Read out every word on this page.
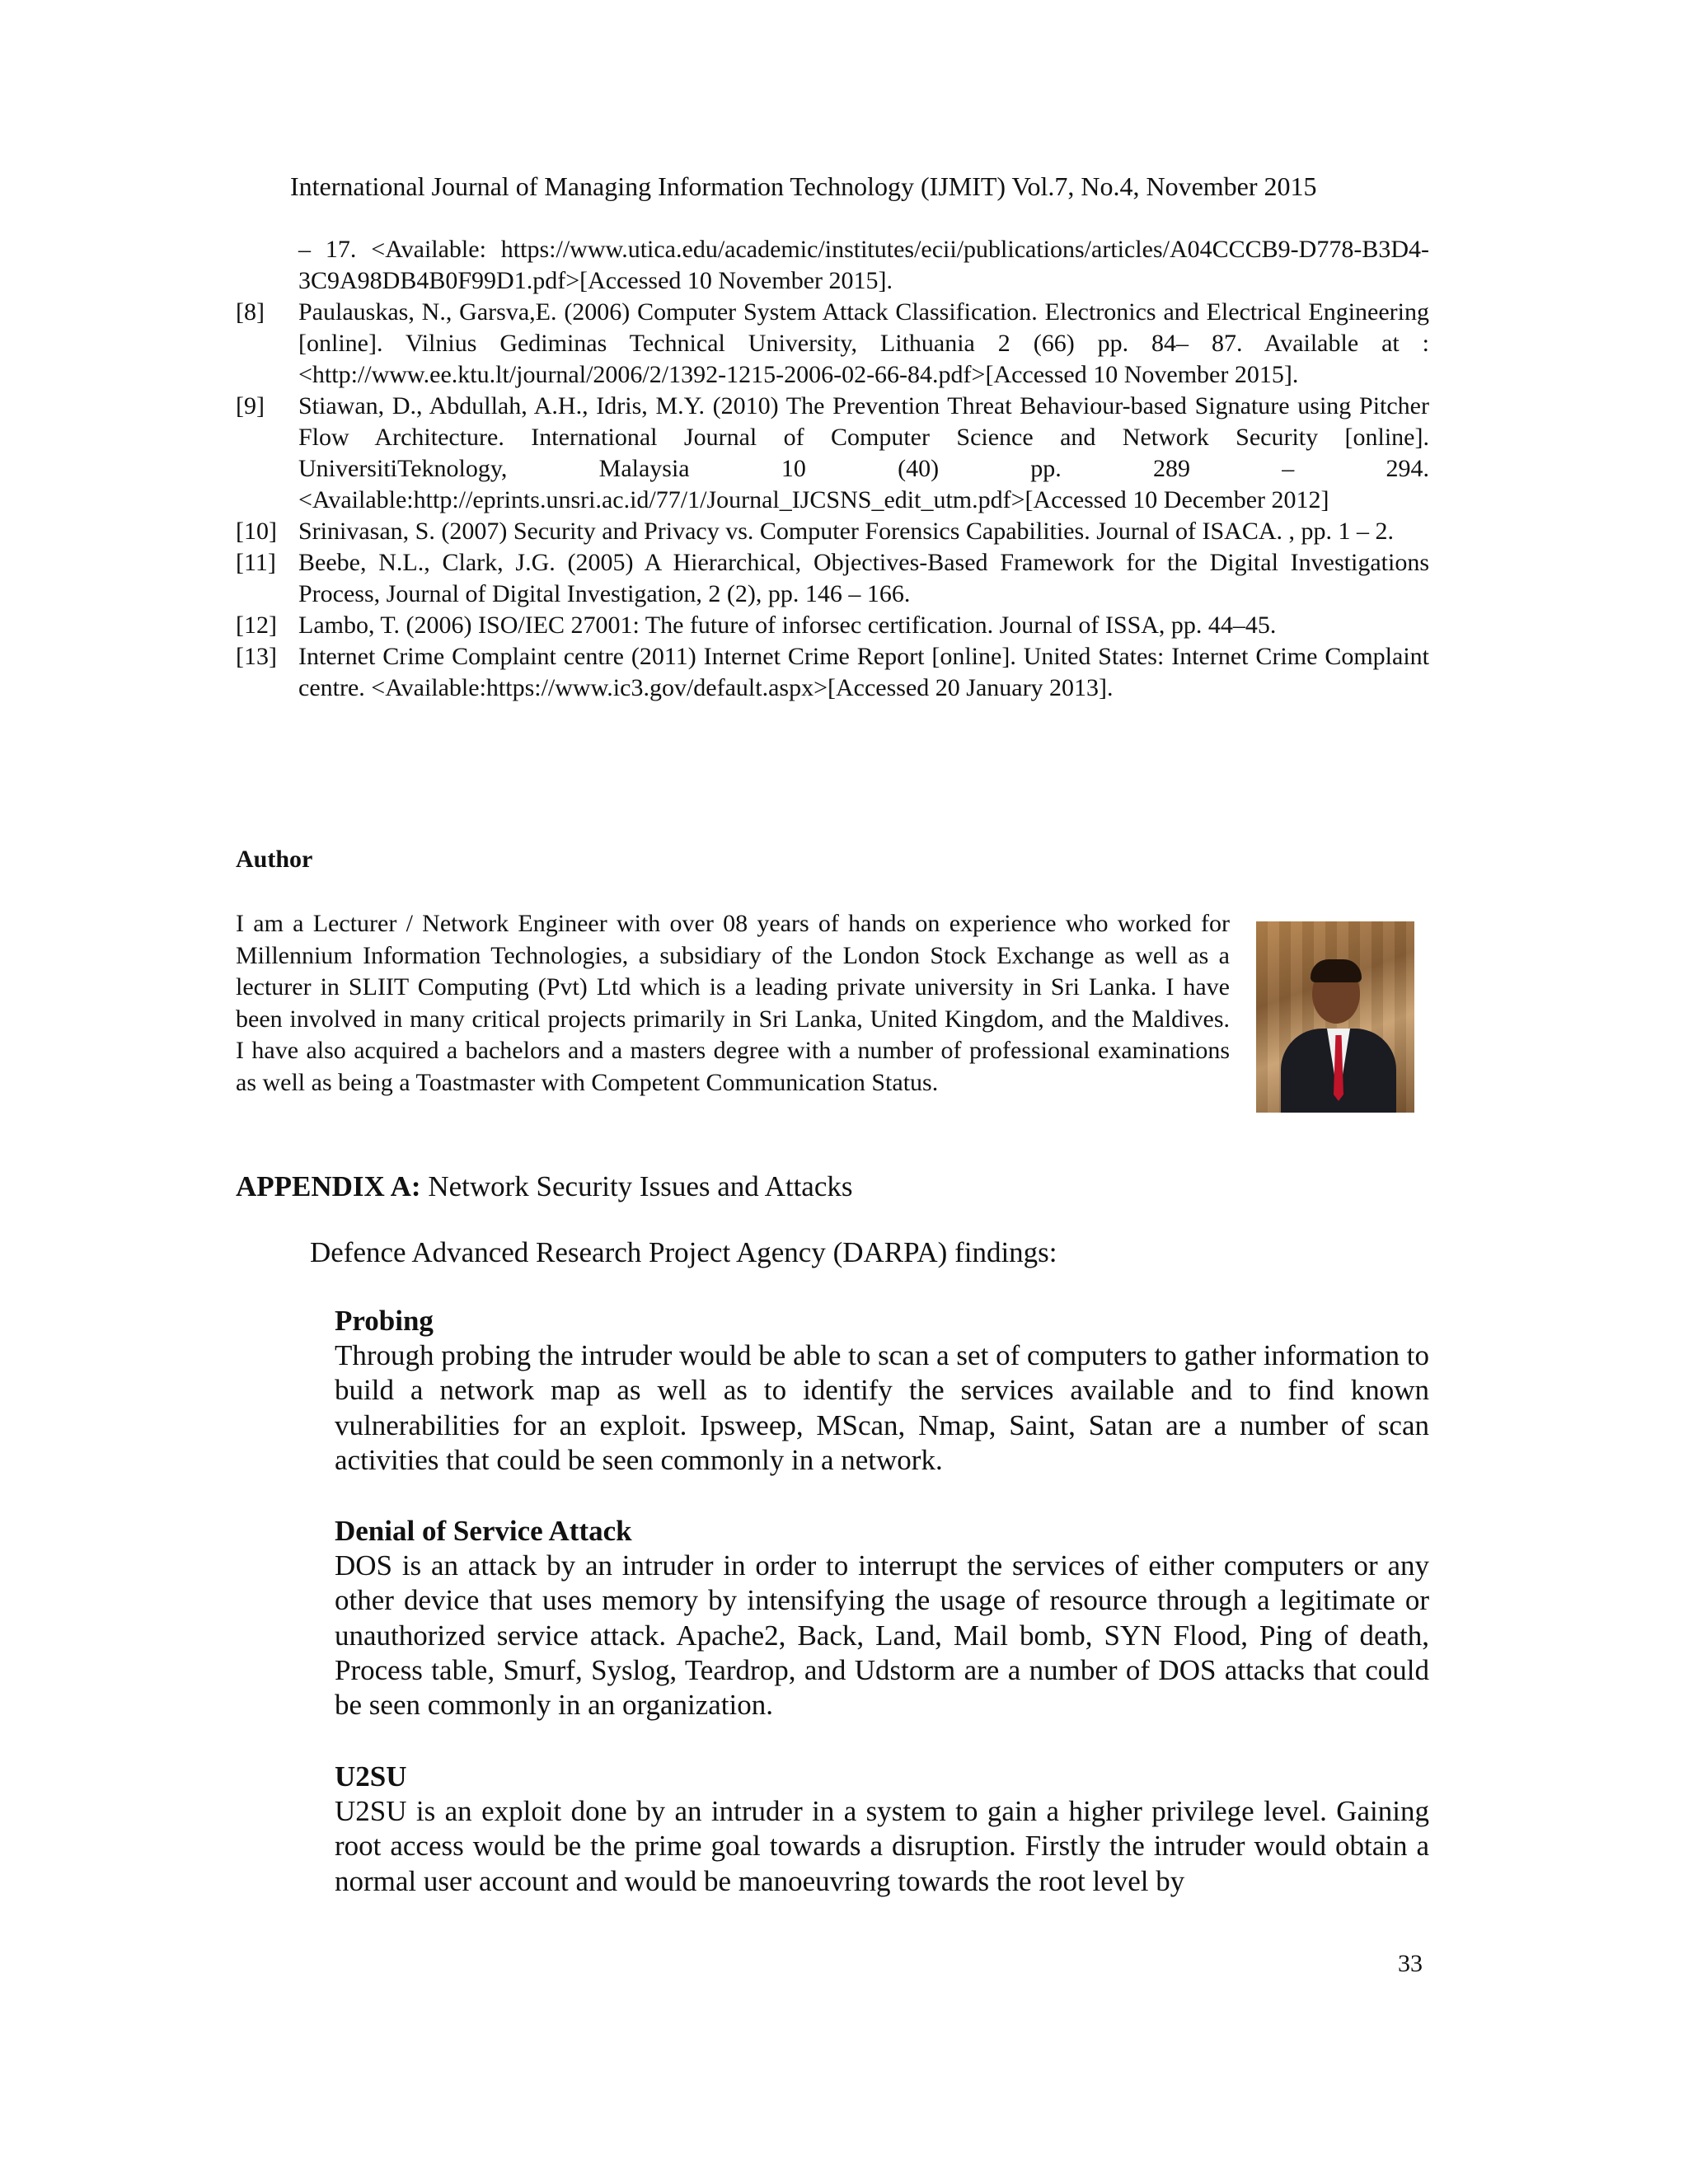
International Journal of Managing Information Technology (IJMIT) Vol.7, No.4, November 2015

– 17. <Available: https://www.utica.edu/academic/institutes/ecii/publications/articles/A04CCCB9-D778-B3D4-3C9A98DB4B0F99D1.pdf>[Accessed 10 November 2015].

[8] Paulauskas, N., Garsva,E. (2006) Computer System Attack Classification. Electronics and Electrical Engineering [online]. Vilnius Gediminas Technical University, Lithuania 2 (66) pp. 84– 87. Available at : <http://www.ee.ktu.lt/journal/2006/2/1392-1215-2006-02-66-84.pdf>[Accessed 10 November 2015].

[9] Stiawan, D., Abdullah, A.H., Idris, M.Y. (2010) The Prevention Threat Behaviour-based Signature using Pitcher Flow Architecture. International Journal of Computer Science and Network Security [online]. UniversitiTeknology, Malaysia 10 (40) pp. 289 – 294. <Available:http://eprints.unsri.ac.id/77/1/Journal_IJCSNS_edit_utm.pdf>[Accessed 10 December 2012]

[10] Srinivasan, S. (2007) Security and Privacy vs. Computer Forensics Capabilities. Journal of ISACA. , pp. 1 – 2.

[11] Beebe, N.L., Clark, J.G. (2005) A Hierarchical, Objectives-Based Framework for the Digital Investigations Process, Journal of Digital Investigation, 2 (2), pp. 146 – 166.

[12] Lambo, T. (2006) ISO/IEC 27001: The future of inforsec certification. Journal of ISSA, pp. 44–45.

[13] Internet Crime Complaint centre (2011) Internet Crime Report [online]. United States: Internet Crime Complaint centre. <Available:https://www.ic3.gov/default.aspx>[Accessed 20 January 2013].

Author
I am a Lecturer / Network Engineer with over 08 years of hands on experience who worked for Millennium Information Technologies, a subsidiary of the London Stock Exchange as well as a lecturer in SLIIT Computing (Pvt) Ltd which is a leading private university in Sri Lanka. I have been involved in many critical projects primarily in Sri Lanka, United Kingdom, and the Maldives. I have also acquired a bachelors and a masters degree with a number of professional examinations as well as being a Toastmaster with Competent Communication Status.
APPENDIX A: Network Security Issues and Attacks
Defence Advanced Research Project Agency (DARPA) findings:
Probing
Through probing the intruder would be able to scan a set of computers to gather information to build a network map as well as to identify the services available and to find known vulnerabilities for an exploit. Ipsweep, MScan, Nmap, Saint, Satan are a number of scan activities that could be seen commonly in a network.
Denial of Service Attack
DOS is an attack by an intruder in order to interrupt the services of either computers or any other device that uses memory by intensifying the usage of resource through a legitimate or unauthorized service attack. Apache2, Back, Land, Mail bomb, SYN Flood, Ping of death, Process table, Smurf, Syslog, Teardrop, and Udstorm are a number of DOS attacks that could be seen commonly in an organization.
U2SU
U2SU is an exploit done by an intruder in a system to gain a higher privilege level. Gaining root access would be the prime goal towards a disruption. Firstly the intruder would obtain a normal user account and would be manoeuvring towards the root level by
33
